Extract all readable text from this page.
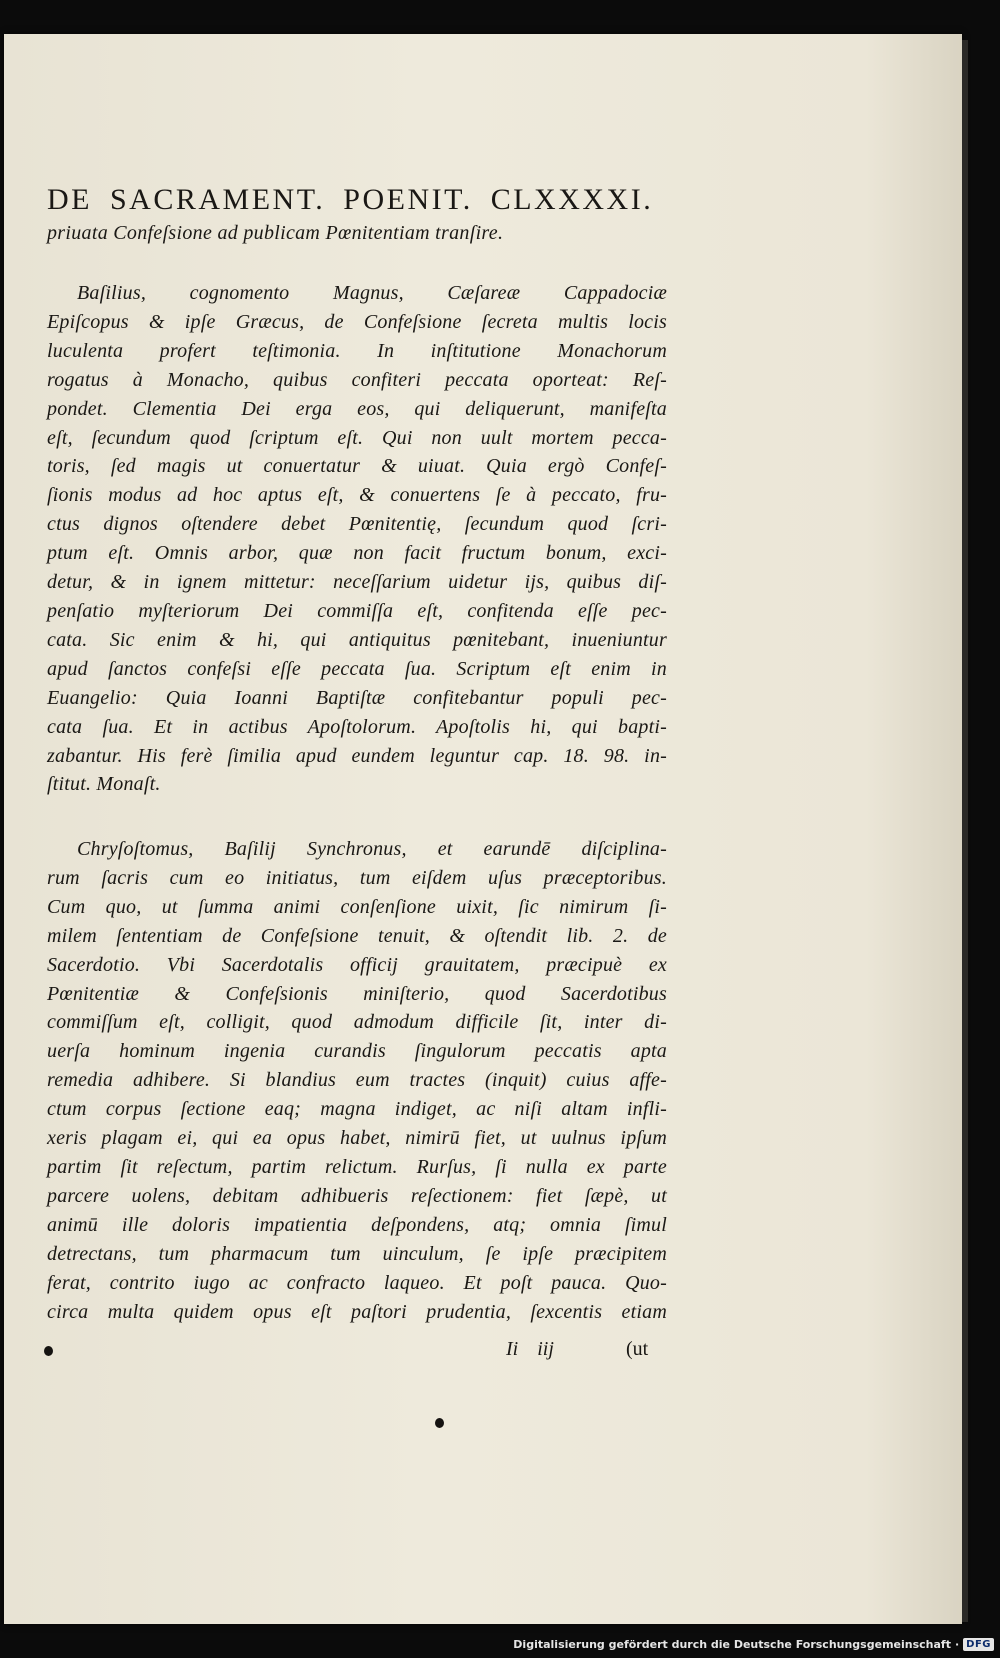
DE SACRAMENT. POENIT. CLXXXXI.
priuata Confeſsione ad publicam Pœnitentiam tranſire.
Baſilius, cognomento Magnus, Cæſareæ Cappadociæ
Epiſcopus & ipſe Græcus, de Confeſsione ſecreta multis locis
luculenta profert teſtimonia. In inſtitutione Monachorum
rogatus à Monacho, quibus confiteri peccata oporteat: Reſ-
pondet. Clementia Dei erga eos, qui deliquerunt, manifeſta
eſt, ſecundum quod ſcriptum eſt. Qui non uult mortem pecca-
toris, ſed magis ut conuertatur & uiuat. Quia ergò Confeſ-
ſionis modus ad hoc aptus eſt, & conuertens ſe à peccato, fru-
ctus dignos oſtendere debet Pœnitentię, ſecundum quod ſcri-
ptum eſt. Omnis arbor, quæ non facit fructum bonum, exci-
detur, & in ignem mittetur: neceſſarium uidetur ijs, quibus diſ-
penſatio myſteriorum Dei commiſſa eſt, confitenda eſſe pec-
cata. Sic enim & hi, qui antiquitus pœnitebant, inueniuntur
apud ſanctos confeſsi eſſe peccata ſua. Scriptum eſt enim in
Euangelio: Quia Ioanni Baptiſtæ confitebantur populi pec-
cata ſua. Et in actibus Apoſtolorum. Apoſtolis hi, qui bapti-
zabantur. His ferè ſimilia apud eundem leguntur cap. 18. 98. in-
ſtitut. Monaſt.
Chryſoſtomus, Baſilij Synchronus, et earundē diſciplina-
rum ſacris cum eo initiatus, tum eiſdem uſus præceptoribus.
Cum quo, ut ſumma animi conſenſione uixit, ſic nimirum ſi-
milem ſententiam de Confeſsione tenuit, & oſtendit lib. 2. de
Sacerdotio. Vbi Sacerdotalis officij grauitatem, præcipuè ex
Pœnitentiæ & Confeſsionis miniſterio, quod Sacerdotibus
commiſſum eſt, colligit, quod admodum difficile ſit, inter di-
uerſa hominum ingenia curandis ſingulorum peccatis apta
remedia adhibere. Si blandius eum tractes (inquit) cuius affe-
ctum corpus ſectione eaq; magna indiget, ac niſi altam infli-
xeris plagam ei, qui ea opus habet, nimirū fiet, ut uulnus ipſum
partim ſit reſectum, partim relictum. Rurſus, ſi nulla ex parte
parcere uolens, debitam adhibueris reſectionem: fiet ſæpè, ut
animū ille doloris impatientia deſpondens, atq; omnia ſimul
detrectans, tum pharmacum tum uinculum, ſe ipſe præcipitem
ferat, contrito iugo ac confracto laqueo. Et poſt pauca. Quo-
circa multa quidem opus eſt paſtori prudentia, ſexcentis etiam
Ii iij	(ut
Digitalisierung gefördert durch die Deutsche Forschungsgemeinschaft · DFG
